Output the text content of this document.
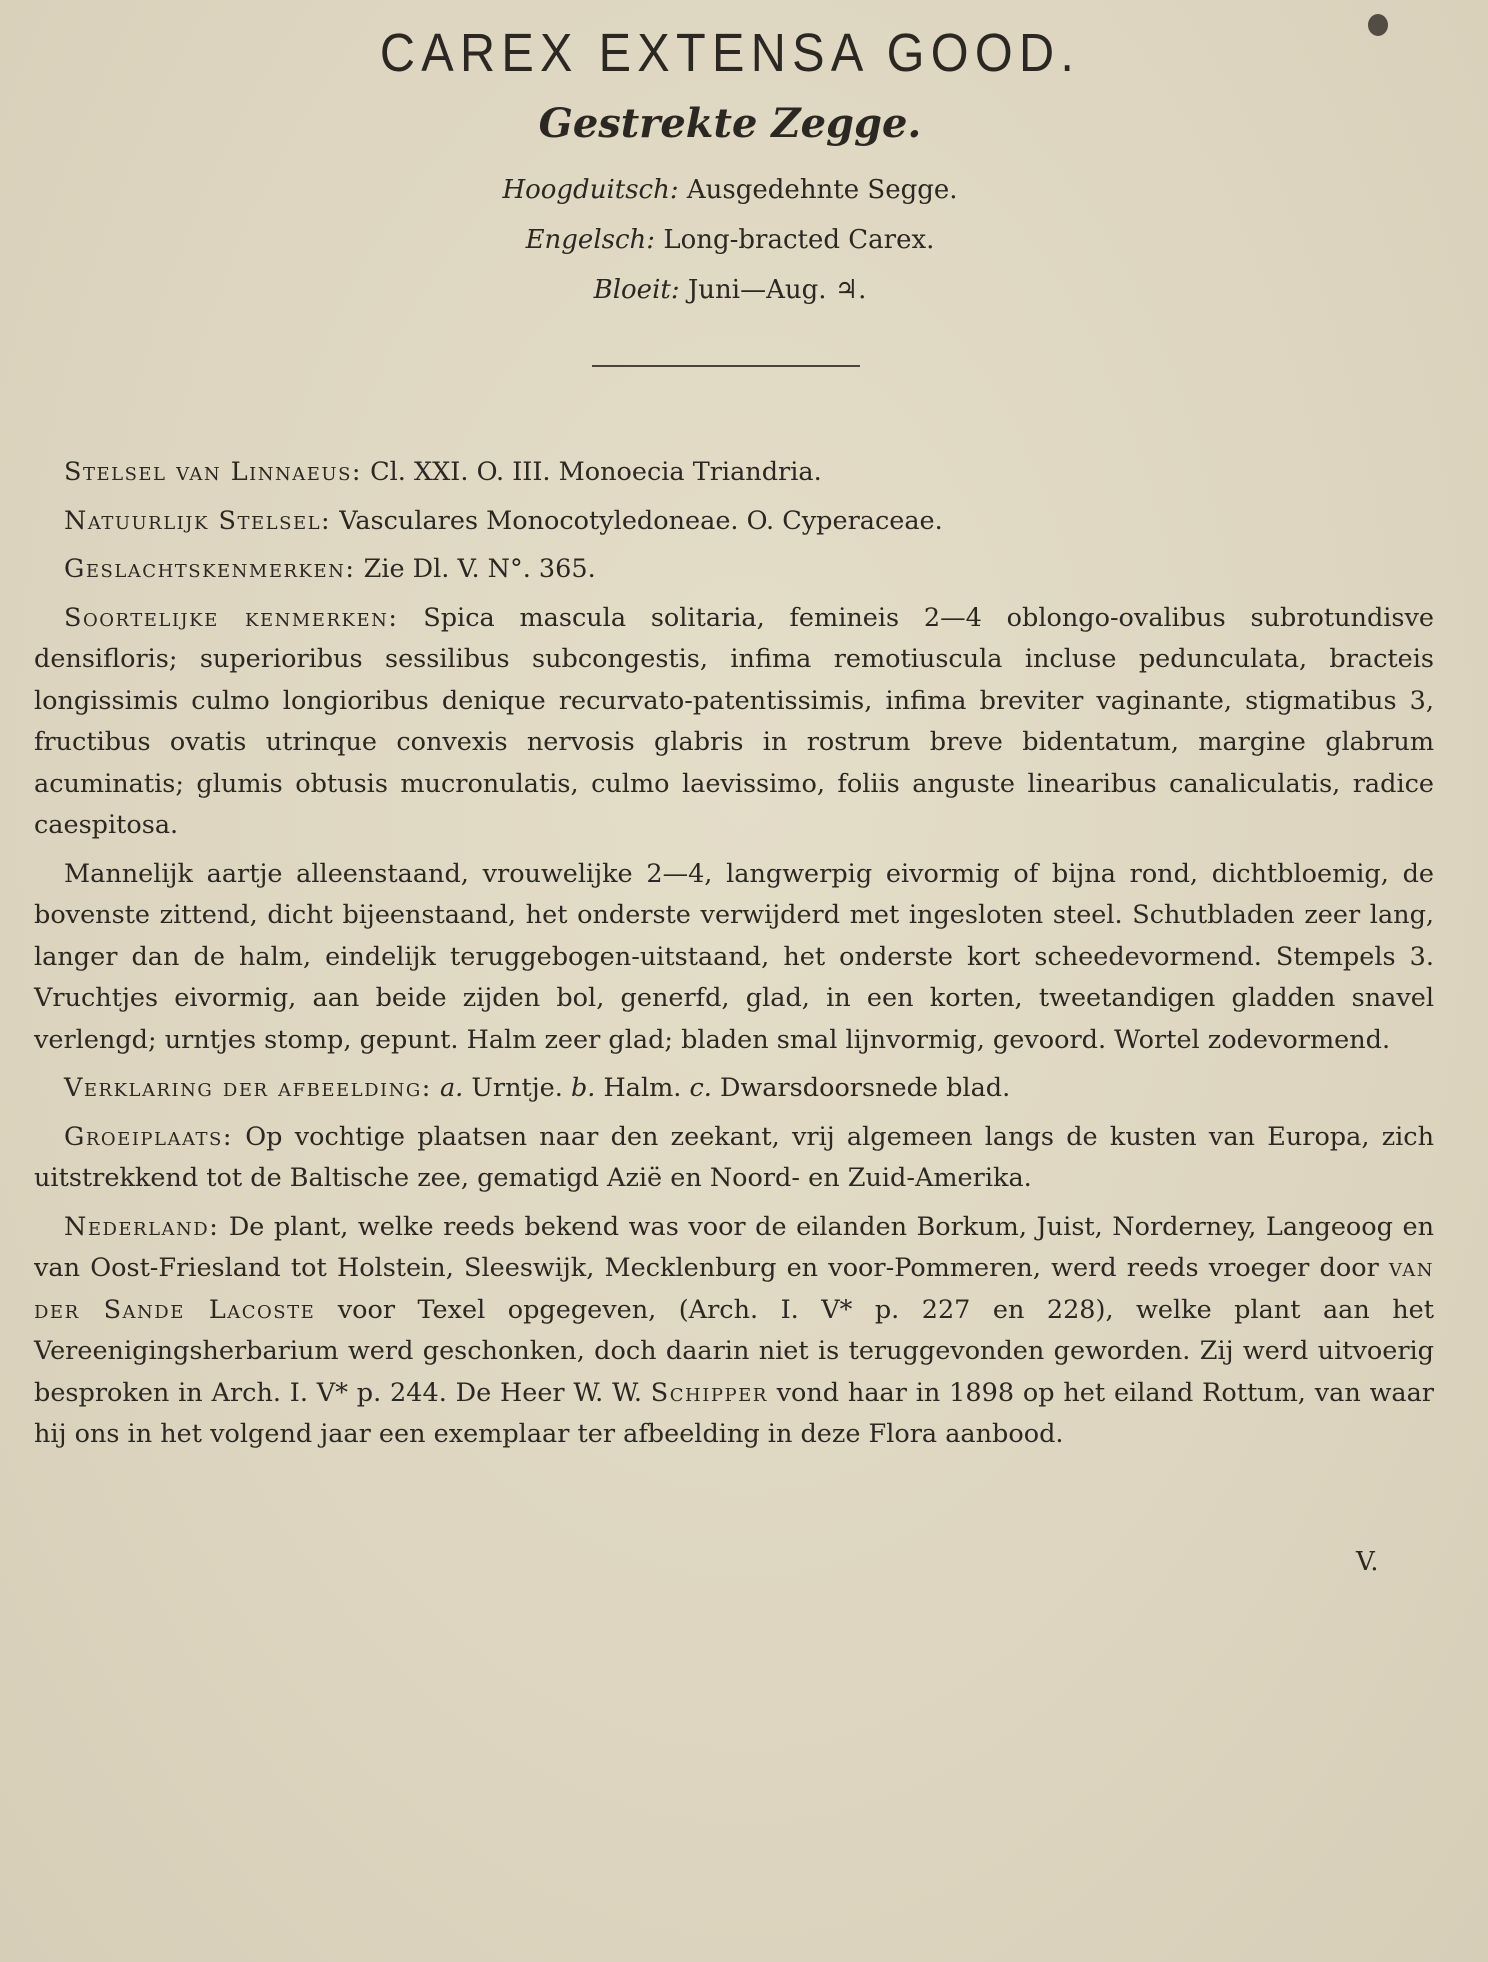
CAREX EXTENSA GOOD.
Gestrekte Zegge.
Hoogduitsch: Ausgedehnte Segge.
Engelsch: Long-bracted Carex.
Bloeit: Juni—Aug. ♃.

Stelsel van Linnaeus: Cl. XXI. O. III. Monoecia Triandria.

Natuurlijk Stelsel: Vasculares Monocotyledoneae. O. Cyperaceae.

Geslachtskenmerken: Zie Dl. V. N°. 365.

Soortelijke kenmerken: Spica mascula solitaria, femineis 2—4 oblongo-ovalibus subrotundisve densifloris; superioribus sessilibus subcongestis, infima remotiuscula incluse pedunculata, bracteis longissimis culmo longioribus denique recurvato-patentissimis, infima breviter vaginante, stigmatibus 3, fructibus ovatis utrinque convexis nervosis glabris in rostrum breve bidentatum, margine glabrum acuminatis; glumis obtusis mucronulatis, culmo laevissimo, foliis anguste linearibus canaliculatis, radice caespitosa.

Mannelijk aartje alleenstaand, vrouwelijke 2—4, langwerpig eivormig of bijna rond, dichtbloemig, de bovenste zittend, dicht bijeenstaand, het onderste verwijderd met ingesloten steel. Schutbladen zeer lang, langer dan de halm, eindelijk teruggebogen-uitstaand, het onderste kort scheedevormend. Stempels 3. Vruchtjes eivormig, aan beide zijden bol, generfd, glad, in een korten, tweetandigen gladden snavel verlengd; urntjes stomp, gepunt. Halm zeer glad; bladen smal lijnvormig, gevoord. Wortel zodevormend.

Verklaring der afbeelding: a. Urntje. b. Halm. c. Dwarsdoorsnede blad.

Groeiplaats: Op vochtige plaatsen naar den zeekant, vrij algemeen langs de kusten van Europa, zich uitstrekkend tot de Baltische zee, gematigd Azië en Noord- en Zuid-Amerika.

Nederland: De plant, welke reeds bekend was voor de eilanden Borkum, Juist, Norderney, Langeoog en van Oost-Friesland tot Holstein, Sleeswijk, Mecklenburg en voor-Pommeren, werd reeds vroeger door van der Sande Lacoste voor Texel opgegeven, (Arch. I. V* p. 227 en 228), welke plant aan het Vereenigingsherbarium werd geschonken, doch daarin niet is teruggevonden geworden. Zij werd uitvoerig besproken in Arch. I. V* p. 244. De Heer W. W. Schipper vond haar in 1898 op het eiland Rottum, van waar hij ons in het volgend jaar een exemplaar ter afbeelding in deze Flora aanbood.

V.
